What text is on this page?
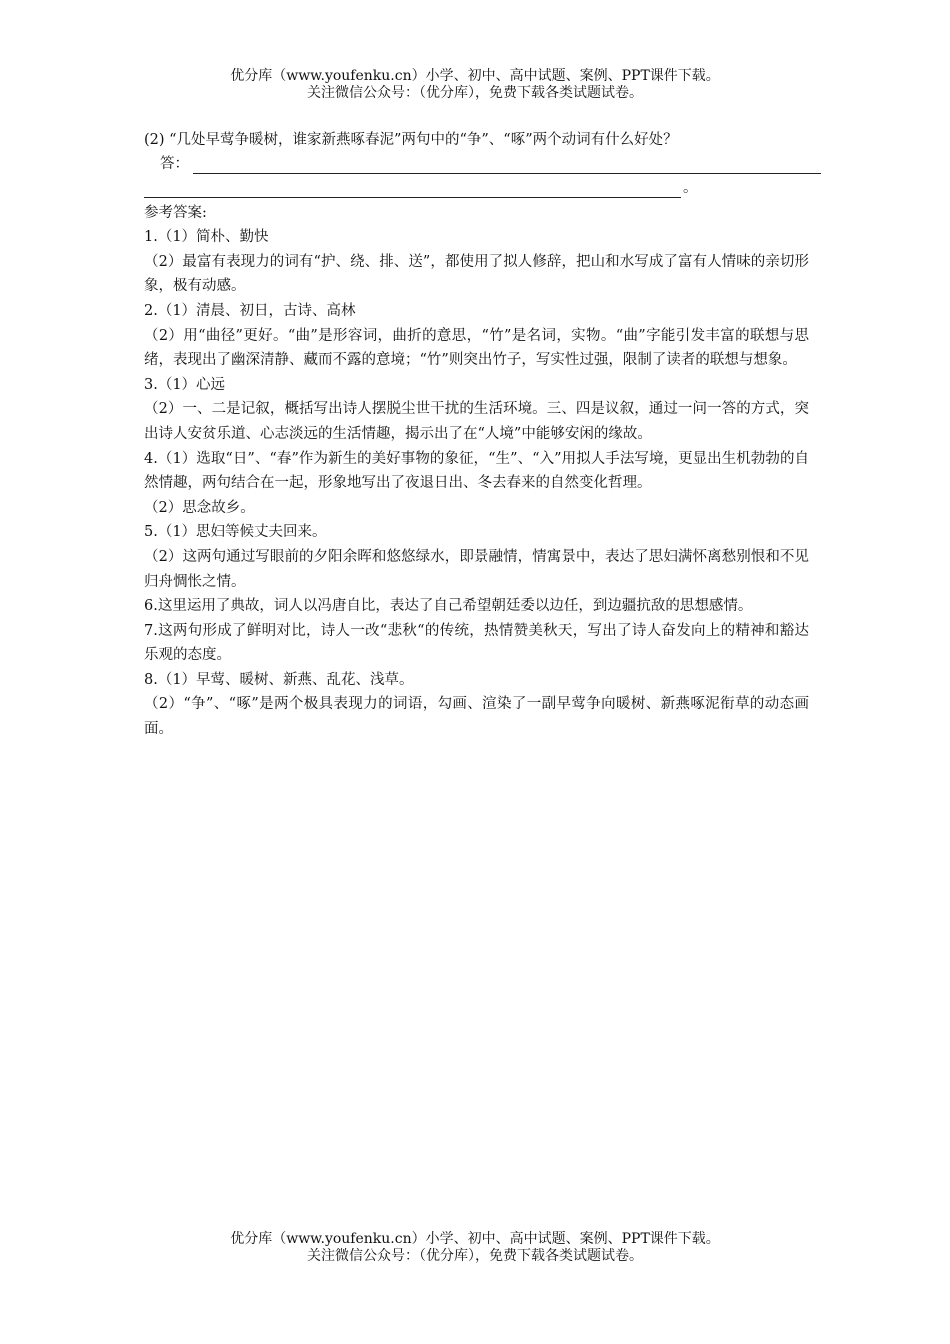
优分库（www.youfenku.cn）小学、初中、高中试题、案例、PPT课件下载。
关注微信公众号：（优分库），免费下载各类试题试卷。

(2) “几处早莺争暖树，谁家新燕啄春泥”两句中的“争”、“啄”两个动词有什么好处？

答：
。

参考答案:

1.（1）简朴、勤快

（2）最富有表现力的词有“护、绕、排、送”，都使用了拟人修辞，把山和水写成了富有人情味的亲切形象，极有动感。

2.（1）清晨、初日，古诗、高林

（2）用“曲径”更好。“曲”是形容词，曲折的意思，“竹”是名词，实物。“曲”字能引发丰富的联想与思绪，表现出了幽深清静、藏而不露的意境；“竹”则突出竹子，写实性过强，限制了读者的联想与想象。

3.（1）心远

（2）一、二是记叙，概括写出诗人摆脱尘世干扰的生活环境。三、四是议叙，通过一问一答的方式，突出诗人安贫乐道、心志淡远的生活情趣，揭示出了在“人境”中能够安闲的缘故。

4.（1）选取“日”、“春”作为新生的美好事物的象征，“生”、“入”用拟人手法写境，更显出生机勃勃的自然情趣，两句结合在一起，形象地写出了夜退日出、冬去春来的自然变化哲理。

（2）思念故乡。

5.（1）思妇等候丈夫回来。

（2）这两句通过写眼前的夕阳余晖和悠悠绿水，即景融情，情寓景中，表达了思妇满怀离愁别恨和不见归舟惆怅之情。

6.这里运用了典故，词人以冯唐自比，表达了自己希望朝廷委以边任，到边疆抗敌的思想感情。

7.这两句形成了鲜明对比，诗人一改“悲秋“的传统，热情赞美秋天，写出了诗人奋发向上的精神和豁达乐观的态度。

8.（1）早莺、暖树、新燕、乱花、浅草。

（2）“争”、“啄”是两个极具表现力的词语，勾画、渲染了一副早莺争向暖树、新燕啄泥衔草的动态画面。

优分库（www.youfenku.cn）小学、初中、高中试题、案例、PPT课件下载。
关注微信公众号：（优分库），免费下载各类试题试卷。
